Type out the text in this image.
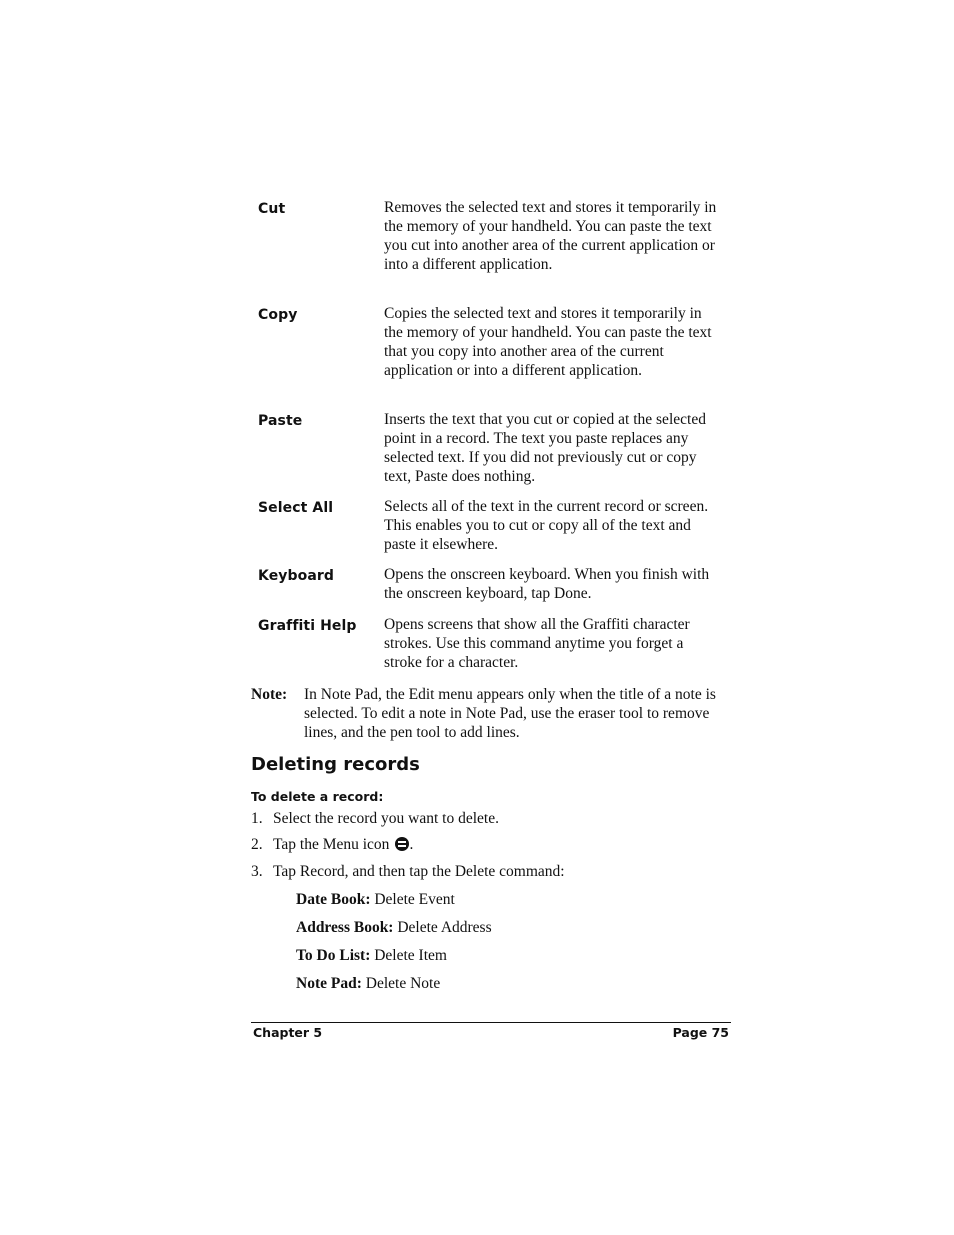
Cut	Removes the selected text and stores it temporarily in the memory of your handheld. You can paste the text you cut into another area of the current application or into a different application.
Copy	Copies the selected text and stores it temporarily in the memory of your handheld. You can paste the text that you copy into another area of the current application or into a different application.
Paste	Inserts the text that you cut or copied at the selected point in a record. The text you paste replaces any selected text. If you did not previously cut or copy text, Paste does nothing.
Select All	Selects all of the text in the current record or screen. This enables you to cut or copy all of the text and paste it elsewhere.
Keyboard	Opens the onscreen keyboard. When you finish with the onscreen keyboard, tap Done.
Graffiti Help	Opens screens that show all the Graffiti character strokes. Use this command anytime you forget a stroke for a character.
Note: In Note Pad, the Edit menu appears only when the title of a note is selected. To edit a note in Note Pad, use the eraser tool to remove lines, and the pen tool to add lines.
Deleting records
To delete a record:
1. Select the record you want to delete.
2. Tap the Menu icon .
3. Tap Record, and then tap the Delete command:
Date Book: Delete Event
Address Book: Delete Address
To Do List: Delete Item
Note Pad: Delete Note
Chapter 5	Page 75
